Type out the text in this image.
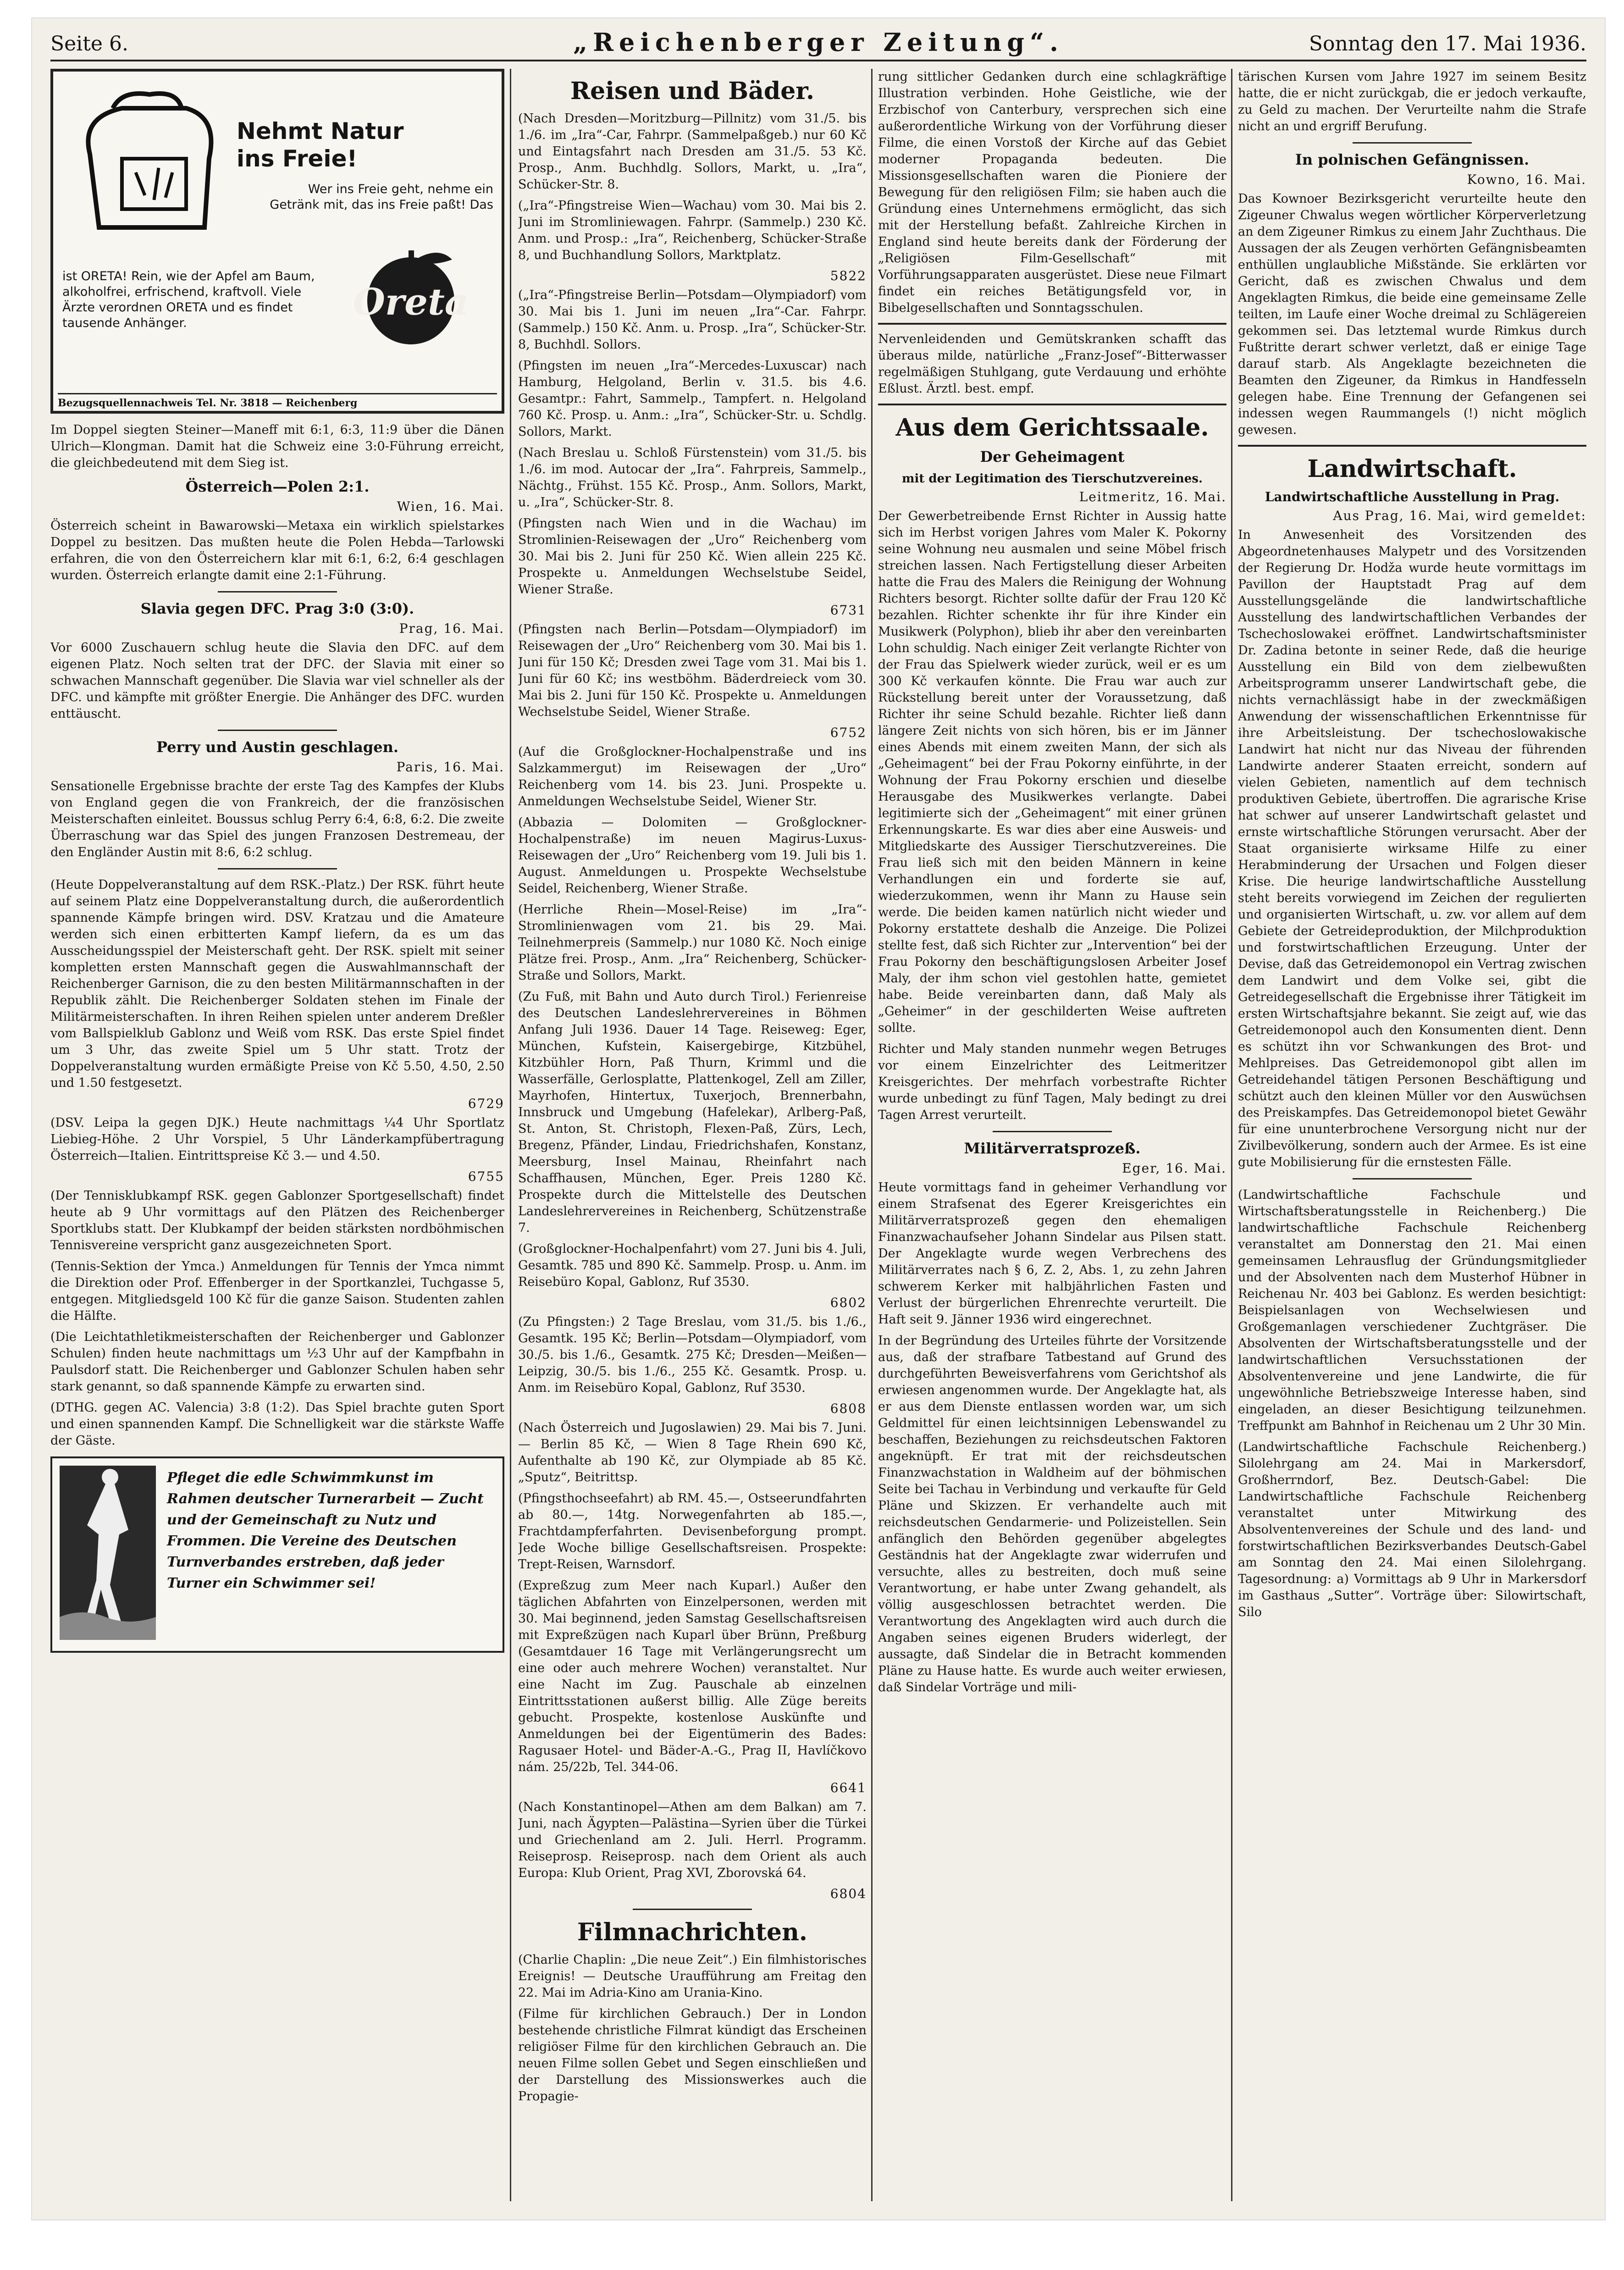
Seite 6.	„Reichenberger Zeitung“.	Sonntag den 17. Mai 1936.
Nehmt Natur
ins Freie!
Wer ins Freie geht, nehme ein Getränk mit, das ins Freie paßt! Das
ist ORETA! Rein, wie der Apfel am Baum, alkoholfrei, erfrischend, kraftvoll. Viele Ärzte verordnen ORETA und es findet tausende Anhänger.	Oreta
Bezugsquellennachweis Tel. Nr. 3818 — Reichenberg

Im Doppel siegten Steiner—Maneff mit 6:1, 6:3, 11:9 über die Dänen Ulrich—Klongman. Damit hat die Schweiz eine 3:0-Führung erreicht, die gleichbedeutend mit dem Sieg ist.

Österreich—Polen 2:1.
Wien, 16. Mai.

Österreich scheint in Bawarowski—Metaxa ein wirklich spielstarkes Doppel zu besitzen. Das mußten heute die Polen Hebda—Tarlowski erfahren, die von den Österreichern klar mit 6:1, 6:2, 6:4 geschlagen wurden. Österreich erlangte damit eine 2:1-Führung.

Slavia gegen DFC. Prag 3:0 (3:0).
Prag, 16. Mai.

Vor 6000 Zuschauern schlug heute die Slavia den DFC. auf dem eigenen Platz. Noch selten trat der DFC. der Slavia mit einer so schwachen Mannschaft gegenüber. Die Slavia war viel schneller als der DFC. und kämpfte mit größter Energie. Die Anhänger des DFC. wurden enttäuscht.

Perry und Austin geschlagen.
Paris, 16. Mai.

Sensationelle Ergebnisse brachte der erste Tag des Kampfes der Klubs von England gegen die von Frankreich, der die französischen Meisterschaften einleitet. Boussus schlug Perry 6:4, 6:8, 6:2. Die zweite Überraschung war das Spiel des jungen Franzosen Destremeau, der den Engländer Austin mit 8:6, 6:2 schlug.

(Heute Doppelveranstaltung auf dem RSK.-Platz.) Der RSK. führt heute auf seinem Platz eine Doppelveranstaltung durch, die außerordentlich spannende Kämpfe bringen wird. DSV. Kratzau und die Amateure werden sich einen erbitterten Kampf liefern, da es um das Ausscheidungsspiel der Meisterschaft geht. Der RSK. spielt mit seiner kompletten ersten Mannschaft gegen die Auswahlmannschaft der Reichenberger Garnison, die zu den besten Militärmannschaften in der Republik zählt. Die Reichenberger Soldaten stehen im Finale der Militärmeisterschaften. In ihren Reihen spielen unter anderem Dreßler vom Ballspielklub Gablonz und Weiß vom RSK. Das erste Spiel findet um 3 Uhr, das zweite Spiel um 5 Uhr statt. Trotz der Doppelveranstaltung wurden ermäßigte Preise von Kč 5.50, 4.50, 2.50 und 1.50 festgesetzt.

6729

(DSV. Leipa la gegen DJK.) Heute nachmittags ¼4 Uhr Sportlatz Liebieg-Höhe. 2 Uhr Vorspiel, 5 Uhr Länderkampfübertragung Österreich—Italien. Eintrittspreise Kč 3.— und 4.50.

6755

(Der Tennisklubkampf RSK. gegen Gablonzer Sportgesellschaft) findet heute ab 9 Uhr vormittags auf den Plätzen des Reichenberger Sportklubs statt. Der Klubkampf der beiden stärksten nordböhmischen Tennisvereine verspricht ganz ausgezeichneten Sport.

(Tennis-Sektion der Ymca.) Anmeldungen für Tennis der Ymca nimmt die Direktion oder Prof. Effenberger in der Sportkanzlei, Tuchgasse 5, entgegen. Mitgliedsgeld 100 Kč für die ganze Saison. Studenten zahlen die Hälfte.

(Die Leichtathletikmeisterschaften der Reichenberger und Gablonzer Schulen) finden heute nachmittags um ½3 Uhr auf der Kampfbahn in Paulsdorf statt. Die Reichenberger und Gablonzer Schulen haben sehr stark genannt, so daß spannende Kämpfe zu erwarten sind.

(DTHG. gegen AC. Valencia) 3:8 (1:2). Das Spiel brachte guten Sport und einen spannenden Kampf. Die Schnelligkeit war die stärkste Waffe der Gäste.

Pfleget die edle Schwimmkunst im Rahmen deutscher Turnerarbeit — Zucht und der Gemeinschaft zu Nutz und Frommen. Die Vereine des Deutschen Turnverbandes erstreben, daß jeder Turner ein Schwimmer sei!
Reisen und Bäder.

(Nach Dresden—Moritzburg—Pillnitz) vom 31./5. bis 1./6. im „Ira“-Car, Fahrpr. (Sammelpaßgeb.) nur 60 Kč und Eintagsfahrt nach Dresden am 31./5. 53 Kč. Prosp., Anm. Buchhdlg. Sollors, Markt, u. „Ira“, Schücker-Str. 8.

(„Ira“-Pfingstreise Wien—Wachau) vom 30. Mai bis 2. Juni im Stromliniewagen. Fahrpr. (Sammelp.) 230 Kč. Anm. und Prosp.: „Ira“, Reichenberg, Schücker-Straße 8, und Buchhandlung Sollors, Marktplatz.

5822

(„Ira“-Pfingstreise Berlin—Potsdam—Olympiadorf) vom 30. Mai bis 1. Juni im neuen „Ira“-Car. Fahrpr. (Sammelp.) 150 Kč. Anm. u. Prosp. „Ira“, Schücker-Str. 8, Buchhdl. Sollors.

(Pfingsten im neuen „Ira“-Mercedes-Luxuscar) nach Hamburg, Helgoland, Berlin v. 31.5. bis 4.6. Gesamtpr.: Fahrt, Sammelp., Tampfert. n. Helgoland 760 Kč. Prosp. u. Anm.: „Ira“, Schücker-Str. u. Schdlg. Sollors, Markt.

(Nach Breslau u. Schloß Fürstenstein) vom 31./5. bis 1./6. im mod. Autocar der „Ira“. Fahrpreis, Sammelp., Nächtg., Frühst. 155 Kč. Prosp., Anm. Sollors, Markt, u. „Ira“, Schücker-Str. 8.

(Pfingsten nach Wien und in die Wachau) im Stromlinien-Reisewagen der „Uro“ Reichenberg vom 30. Mai bis 2. Juni für 250 Kč. Wien allein 225 Kč. Prospekte u. Anmeldungen Wechselstube Seidel, Wiener Straße.

6731

(Pfingsten nach Berlin—Potsdam—Olympiadorf) im Reisewagen der „Uro“ Reichenberg vom 30. Mai bis 1. Juni für 150 Kč; Dresden zwei Tage vom 31. Mai bis 1. Juni für 60 Kč; ins westböhm. Bäderdreieck vom 30. Mai bis 2. Juni für 150 Kč. Prospekte u. Anmeldungen Wechselstube Seidel, Wiener Straße.

6752

(Auf die Großglockner-Hochalpenstraße und ins Salzkammergut) im Reisewagen der „Uro“ Reichenberg vom 14. bis 23. Juni. Prospekte u. Anmeldungen Wechselstube Seidel, Wiener Str.

(Abbazia — Dolomiten — Großglockner-Hochalpenstraße) im neuen Magirus-Luxus-Reisewagen der „Uro“ Reichenberg vom 19. Juli bis 1. August. Anmeldungen u. Prospekte Wechselstube Seidel, Reichenberg, Wiener Straße.

(Herrliche Rhein—Mosel-Reise) im „Ira“-Stromlinienwagen vom 21. bis 29. Mai. Teilnehmerpreis (Sammelp.) nur 1080 Kč. Noch einige Plätze frei. Prosp., Anm. „Ira“ Reichenberg, Schücker-Straße und Sollors, Markt.

(Zu Fuß, mit Bahn und Auto durch Tirol.) Ferienreise des Deutschen Landeslehrervereines in Böhmen Anfang Juli 1936. Dauer 14 Tage. Reiseweg: Eger, München, Kufstein, Kaisergebirge, Kitzbühel, Kitzbühler Horn, Paß Thurn, Krimml und die Wasserfälle, Gerlosplatte, Plattenkogel, Zell am Ziller, Mayrhofen, Hintertux, Tuxerjoch, Brennerbahn, Innsbruck und Umgebung (Hafelekar), Arlberg-Paß, St. Anton, St. Christoph, Flexen-Paß, Zürs, Lech, Bregenz, Pfänder, Lindau, Friedrichshafen, Konstanz, Meersburg, Insel Mainau, Rheinfahrt nach Schaffhausen, München, Eger. Preis 1280 Kč. Prospekte durch die Mittelstelle des Deutschen Landeslehrervereines in Reichenberg, Schützenstraße 7.

(Großglockner-Hochalpenfahrt) vom 27. Juni bis 4. Juli, Gesamtk. 785 und 890 Kč. Sammelp. Prosp. u. Anm. im Reisebüro Kopal, Gablonz, Ruf 3530.

6802

(Zu Pfingsten:) 2 Tage Breslau, vom 31./5. bis 1./6., Gesamtk. 195 Kč; Berlin—Potsdam—Olympiadorf, vom 30./5. bis 1./6., Gesamtk. 275 Kč; Dresden—Meißen—Leipzig, 30./5. bis 1./6., 255 Kč. Gesamtk. Prosp. u. Anm. im Reisebüro Kopal, Gablonz, Ruf 3530.

6808

(Nach Österreich und Jugoslawien) 29. Mai bis 7. Juni. — Berlin 85 Kč, — Wien 8 Tage Rhein 690 Kč, Aufenthalte ab 190 Kč, zur Olympiade ab 85 Kč. „Sputz“, Beitrittsp.

(Pfingsthochseefahrt) ab RM. 45.—, Ostseerundfahrten ab 80.—, 14tg. Norwegenfahrten ab 185.—, Frachtdampferfahrten. Devisenbeforgung prompt. Jede Woche billige Gesellschaftsreisen. Prospekte: Trept-Reisen, Warnsdorf.

(Expreßzug zum Meer nach Kuparl.) Außer den täglichen Abfahrten von Einzelpersonen, werden mit 30. Mai beginnend, jeden Samstag Gesellschaftsreisen mit Expreßzügen nach Kuparl über Brünn, Preßburg (Gesamtdauer 16 Tage mit Verlängerungsrecht um eine oder auch mehrere Wochen) veranstaltet. Nur eine Nacht im Zug. Pauschale ab einzelnen Eintrittsstationen außerst billig. Alle Züge bereits gebucht. Prospekte, kostenlose Auskünfte und Anmeldungen bei der Eigentümerin des Bades: Ragusaer Hotel- und Bäder-A.-G., Prag II, Havlíčkovo nám. 25/22b, Tel. 344-06.

6641

(Nach Konstantinopel—Athen am dem Balkan) am 7. Juni, nach Ägypten—Palästina—Syrien über die Türkei und Griechenland am 2. Juli. Herrl. Programm. Reiseprosp. Reiseprosp. nach dem Orient als auch Europa: Klub Orient, Prag XVI, Zborovská 64.

6804
Filmnachrichten.

(Charlie Chaplin: „Die neue Zeit“.) Ein filmhistorisches Ereignis! — Deutsche Uraufführung am Freitag den 22. Mai im Adria-Kino am Urania-Kino.

(Filme für kirchlichen Gebrauch.) Der in London bestehende christliche Filmrat kündigt das Erscheinen religiöser Filme für den kirchlichen Gebrauch an. Die neuen Filme sollen Gebet und Segen einschließen und der Darstellung des Missionswerkes auch die Propagie-

rung sittlicher Gedanken durch eine schlagkräftige Illustration verbinden. Hohe Geistliche, wie der Erzbischof von Canterbury, versprechen sich eine außerordentliche Wirkung von der Vorführung dieser Filme, die einen Vorstoß der Kirche auf das Gebiet moderner Propaganda bedeuten. Die Missionsgesellschaften waren die Pioniere der Bewegung für den religiösen Film; sie haben auch die Gründung eines Unternehmens ermöglicht, das sich mit der Herstellung befaßt. Zahlreiche Kirchen in England sind heute bereits dank der Förderung der „Religiösen Film-Gesellschaft“ mit Vorführungsapparaten ausgerüstet. Diese neue Filmart findet ein reiches Betätigungsfeld vor, in Bibelgesellschaften und Sonntagsschulen.

Nervenleidenden und Gemütskranken schafft das überaus milde, natürliche „Franz-Josef“-Bitterwasser regelmäßigen Stuhlgang, gute Verdauung und erhöhte Eßlust. Ärztl. best. empf.

Aus dem Gerichtssaale.
Der Geheimagent
mit der Legitimation des Tierschutzvereines.
Leitmeritz, 16. Mai.

Der Gewerbetreibende Ernst Richter in Aussig hatte sich im Herbst vorigen Jahres vom Maler K. Pokorny seine Wohnung neu ausmalen und seine Möbel frisch streichen lassen. Nach Fertigstellung dieser Arbeiten hatte die Frau des Malers die Reinigung der Wohnung Richters besorgt. Richter sollte dafür der Frau 120 Kč bezahlen. Richter schenkte ihr für ihre Kinder ein Musikwerk (Polyphon), blieb ihr aber den vereinbarten Lohn schuldig. Nach einiger Zeit verlangte Richter von der Frau das Spielwerk wieder zurück, weil er es um 300 Kč verkaufen könnte. Die Frau war auch zur Rückstellung bereit unter der Voraussetzung, daß Richter ihr seine Schuld bezahle. Richter ließ dann längere Zeit nichts von sich hören, bis er im Jänner eines Abends mit einem zweiten Mann, der sich als „Geheimagent“ bei der Frau Pokorny einführte, in der Wohnung der Frau Pokorny erschien und dieselbe Herausgabe des Musikwerkes verlangte. Dabei legitimierte sich der „Geheimagent“ mit einer grünen Erkennungskarte. Es war dies aber eine Ausweis- und Mitgliedskarte des Aussiger Tierschutzvereines. Die Frau ließ sich mit den beiden Männern in keine Verhandlungen ein und forderte sie auf, wiederzukommen, wenn ihr Mann zu Hause sein werde. Die beiden kamen natürlich nicht wieder und Pokorny erstattete deshalb die Anzeige. Die Polizei stellte fest, daß sich Richter zur „Intervention“ bei der Frau Pokorny den beschäftigungslosen Arbeiter Josef Maly, der ihm schon viel gestohlen hatte, gemietet habe. Beide vereinbarten dann, daß Maly als „Geheimer“ in der geschilderten Weise auftreten sollte.

Richter und Maly standen nunmehr wegen Betruges vor einem Einzelrichter des Leitmeritzer Kreisgerichtes. Der mehrfach vorbestrafte Richter wurde unbedingt zu fünf Tagen, Maly bedingt zu drei Tagen Arrest verurteilt.

Militärverratsprozeß.
Eger, 16. Mai.

Heute vormittags fand in geheimer Verhandlung vor einem Strafsenat des Egerer Kreisgerichtes ein Militärverratsprozeß gegen den ehemaligen Finanzwachaufseher Johann Sindelar aus Pilsen statt. Der Angeklagte wurde wegen Verbrechens des Militärverrates nach § 6, Z. 2, Abs. 1, zu zehn Jahren schwerem Kerker mit halbjährlichen Fasten und Verlust der bürgerlichen Ehrenrechte verurteilt. Die Haft seit 9. Jänner 1936 wird eingerechnet.

In der Begründung des Urteiles führte der Vorsitzende aus, daß der strafbare Tatbestand auf Grund des durchgeführten Beweisverfahrens vom Gerichtshof als erwiesen angenommen wurde. Der Angeklagte hat, als er aus dem Dienste entlassen worden war, um sich Geldmittel für einen leichtsinnigen Lebenswandel zu beschaffen, Beziehungen zu reichsdeutschen Faktoren angeknüpft. Er trat mit der reichsdeutschen Finanzwachstation in Waldheim auf der böhmischen Seite bei Tachau in Verbindung und verkaufte für Geld Pläne und Skizzen. Er verhandelte auch mit reichsdeutschen Gendarmerie- und Polizeistellen. Sein anfänglich den Behörden gegenüber abgelegtes Geständnis hat der Angeklagte zwar widerrufen und versuchte, alles zu bestreiten, doch muß seine Verantwortung, er habe unter Zwang gehandelt, als völlig ausgeschlossen betrachtet werden. Die Verantwortung des Angeklagten wird auch durch die Angaben seines eigenen Bruders widerlegt, der aussagte, daß Sindelar die in Betracht kommenden Pläne zu Hause hatte. Es wurde auch weiter erwiesen, daß Sindelar Vorträge und mili-

tärischen Kursen vom Jahre 1927 im seinem Besitz hatte, die er nicht zurückgab, die er jedoch verkaufte, zu Geld zu machen. Der Verurteilte nahm die Strafe nicht an und ergriff Berufung.

In polnischen Gefängnissen.
Kowno, 16. Mai.

Das Kownoer Bezirksgericht verurteilte heute den Zigeuner Chwalus wegen wörtlicher Körperverletzung an dem Zigeuner Rimkus zu einem Jahr Zuchthaus. Die Aussagen der als Zeugen verhörten Gefängnisbeamten enthüllen unglaubliche Mißstände. Sie erklärten vor Gericht, daß es zwischen Chwalus und dem Angeklagten Rimkus, die beide eine gemeinsame Zelle teilten, im Laufe einer Woche dreimal zu Schlägereien gekommen sei. Das letztemal wurde Rimkus durch Fußtritte derart schwer verletzt, daß er einige Tage darauf starb. Als Angeklagte bezeichneten die Beamten den Zigeuner, da Rimkus in Handfesseln gelegen habe. Eine Trennung der Gefangenen sei indessen wegen Raummangels (!) nicht möglich gewesen.

Landwirtschaft.
Landwirtschaftliche Ausstellung in Prag.
Aus Prag, 16. Mai, wird gemeldet:

In Anwesenheit des Vorsitzenden des Abgeordnetenhauses Malypetr und des Vorsitzenden der Regierung Dr. Hodža wurde heute vormittags im Pavillon der Hauptstadt Prag auf dem Ausstellungsgelände die landwirtschaftliche Ausstellung des landwirtschaftlichen Verbandes der Tschechoslowakei eröffnet. Landwirtschaftsminister Dr. Zadina betonte in seiner Rede, daß die heurige Ausstellung ein Bild von dem zielbewußten Arbeitsprogramm unserer Landwirtschaft gebe, die nichts vernachlässigt habe in der zweckmäßigen Anwendung der wissenschaftlichen Erkenntnisse für ihre Arbeitsleistung. Der tschechoslowakische Landwirt hat nicht nur das Niveau der führenden Landwirte anderer Staaten erreicht, sondern auf vielen Gebieten, namentlich auf dem technisch produktiven Gebiete, übertroffen. Die agrarische Krise hat schwer auf unserer Landwirtschaft gelastet und ernste wirtschaftliche Störungen verursacht. Aber der Staat organisierte wirksame Hilfe zu einer Herabminderung der Ursachen und Folgen dieser Krise. Die heurige landwirtschaftliche Ausstellung steht bereits vorwiegend im Zeichen der regulierten und organisierten Wirtschaft, u. zw. vor allem auf dem Gebiete der Getreideproduktion, der Milchproduktion und forstwirtschaftlichen Erzeugung. Unter der Devise, daß das Getreidemonopol ein Vertrag zwischen dem Landwirt und dem Volke sei, gibt die Getreidegesellschaft die Ergebnisse ihrer Tätigkeit im ersten Wirtschaftsjahre bekannt. Sie zeigt auf, wie das Getreidemonopol auch den Konsumenten dient. Denn es schützt ihn vor Schwankungen des Brot- und Mehlpreises. Das Getreidemonopol gibt allen im Getreidehandel tätigen Personen Beschäftigung und schützt auch den kleinen Müller vor den Auswüchsen des Preiskampfes. Das Getreidemonopol bietet Gewähr für eine ununterbrochene Versorgung nicht nur der Zivilbevölkerung, sondern auch der Armee. Es ist eine gute Mobilisierung für die ernstesten Fälle.

(Landwirtschaftliche Fachschule und Wirtschaftsberatungsstelle in Reichenberg.) Die landwirtschaftliche Fachschule Reichenberg veranstaltet am Donnerstag den 21. Mai einen gemeinsamen Lehrausflug der Gründungsmitglieder und der Absolventen nach dem Musterhof Hübner in Reichenau Nr. 403 bei Gablonz. Es werden besichtigt: Beispielsanlagen von Wechselwiesen und Großgemanlagen verschiedener Zuchtgräser. Die Absolventen der Wirtschaftsberatungsstelle und der landwirtschaftlichen Versuchsstationen der Absolventenvereine und jene Landwirte, die für ungewöhnliche Betriebszweige Interesse haben, sind eingeladen, an dieser Besichtigung teilzunehmen. Treffpunkt am Bahnhof in Reichenau um 2 Uhr 30 Min.

(Landwirtschaftliche Fachschule Reichenberg.) Silolehrgang am 24. Mai in Markersdorf, Großherrndorf, Bez. Deutsch-Gabel: Die Landwirtschaftliche Fachschule Reichenberg veranstaltet unter Mitwirkung des Absolventenvereines der Schule und des land- und forstwirtschaftlichen Bezirksverbandes Deutsch-Gabel am Sonntag den 24. Mai einen Silolehrgang. Tagesordnung: a) Vormittags ab 9 Uhr in Markersdorf im Gasthaus „Sutter“. Vorträge über: Silowirtschaft, Silo
